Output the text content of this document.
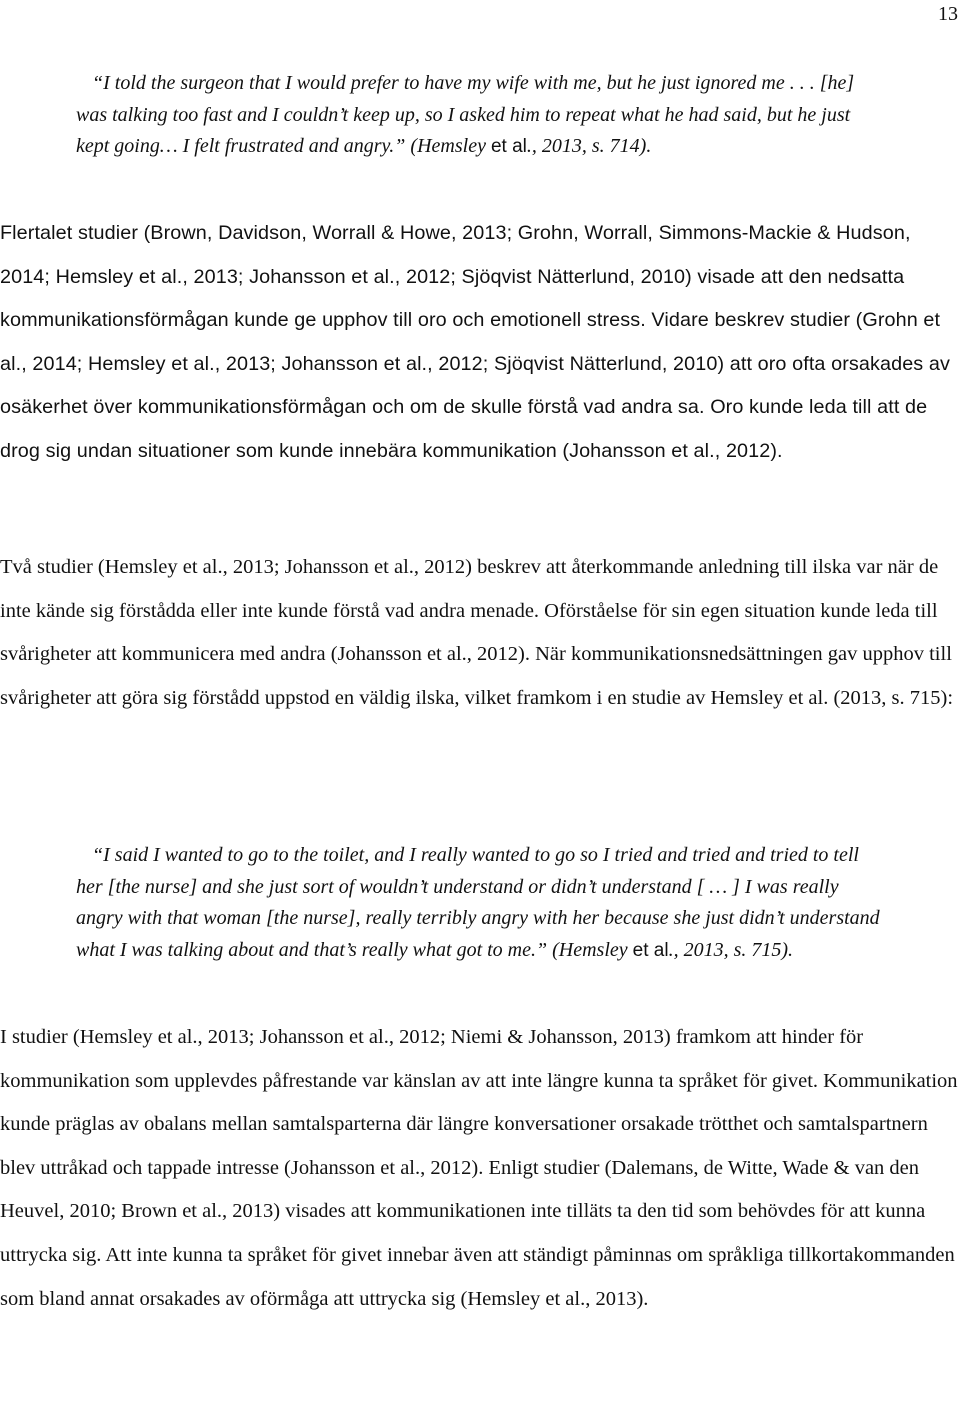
13
“I told the surgeon that I would prefer to have my wife with me, but he just ignored me . . . [he] was talking too fast and I couldn’t keep up, so I asked him to repeat what he had said, but he just kept going… I felt frustrated and angry.” (Hemsley et al., 2013, s. 714).

Flertalet studier (Brown, Davidson, Worrall & Howe, 2013; Grohn, Worrall, Simmons-Mackie & Hudson, 2014; Hemsley et al., 2013; Johansson et al., 2012; Sjöqvist Nätterlund, 2010) visade att den nedsatta kommunikationsförmågan kunde ge upphov till oro och emotionell stress. Vidare beskrev studier (Grohn et al., 2014; Hemsley et al., 2013; Johansson et al., 2012; Sjöqvist Nätterlund, 2010) att oro ofta orsakades av osäkerhet över kommunikationsförmågan och om de skulle förstå vad andra sa. Oro kunde leda till att de drog sig undan situationer som kunde innebära kommunikation (Johansson et al., 2012).

Två studier (Hemsley et al., 2013; Johansson et al., 2012) beskrev att återkommande anledning till ilska var när de inte kände sig förstådda eller inte kunde förstå vad andra menade. Oförståelse för sin egen situation kunde leda till svårigheter att kommunicera med andra (Johansson et al., 2012). När kommunikationsnedsättningen gav upphov till svårigheter att göra sig förstådd uppstod en väldig ilska, vilket framkom i en studie av Hemsley et al. (2013, s. 715):

“I said I wanted to go to the toilet, and I really wanted to go so I tried and tried and tried to tell her [the nurse] and she just sort of wouldn’t understand or didn’t understand [ … ] I was really angry with that woman [the nurse], really terribly angry with her because she just didn’t understand what I was talking about and that’s really what got to me.” (Hemsley et al., 2013, s. 715).

I studier (Hemsley et al., 2013; Johansson et al., 2012; Niemi & Johansson, 2013) framkom att hinder för kommunikation som upplevdes påfrestande var känslan av att inte längre kunna ta språket för givet. Kommunikation kunde präglas av obalans mellan samtalsparterna där längre konversationer orsakade trötthet och samtalspartnern blev uttråkad och tappade intresse (Johansson et al., 2012). Enligt studier (Dalemans, de Witte, Wade & van den Heuvel, 2010; Brown et al., 2013) visades att kommunikationen inte tilläts ta den tid som behövdes för att kunna uttrycka sig. Att inte kunna ta språket för givet innebar även att ständigt påminnas om språkliga tillkortakommanden som bland annat orsakades av oförmåga att uttrycka sig (Hemsley et al., 2013).
